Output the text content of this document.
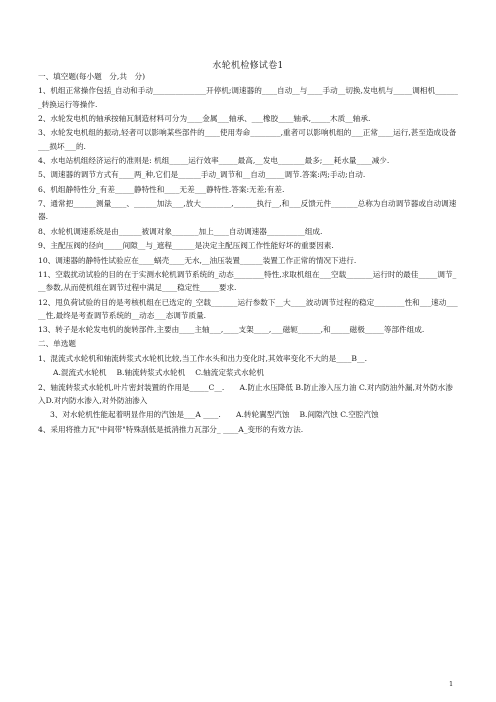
水轮机检修试卷1

一、填空题(每小题　分,共　分)

1、机组正常操作包括_自动和手动______________开停机;调速器的____自动__与____手动__切换,发电机与_____调相机_______转换运行等操作.

2、水轮发电机的轴承按轴瓦制造材料可分为____金属___轴承、___橡胶____轴承,_____木质__轴承.

3、水轮发电机组的振动,轻者可以影响某些部件的____使用寿命________,重者可以影响机组的___正常____运行,甚至造成设备___损坏___的.

4、水电站机组经济运行的准则是: 机组_____运行效率_____最高,__发电_______最多;___耗水量____减少.

5、调速器的调节方式有____两_种,它们是______手动_调节和__自动_____调节.答案:两;手动;自动.

6、机组静特性分_有差_____静特性和____无差___静特性.答案:无差;有差.

7、通常把______测量____、______加法___,放大________,______执行__,和___反馈元件_______总称为自动调节器或自动调速器.

8、水轮机调速系统是由______被调对象_______加上____自动调速器__________组成.

9、主配压阀的径向_____间隙__与_遮程______是决定主配压阀工作性能好坏的重要因素.

10、调速器的静特性试验应在____蜗壳____无水,__油压装置______装置工作正常的情况下进行.

11、空载扰动试验的目的在于实测水轮机调节系统的_动态________特性,求取机组在___空载_______运行时的最佳_____调节___参数,从而使机组在调节过程中满足____稳定性_____要求.

12、甩负荷试验的目的是考核机组在已选定的_空载_______运行参数下__大____波动调节过程的稳定________性和___速动_____性,最终是考查调节系统的__动态___态调节质量.

13、转子是水轮发电机的旋转部件,主要由____主轴___,____支架____,___磁轭______,和_____磁极_____等部件组成.

二、单选题

1、混流式水轮机和轴流转浆式水轮机比较,当工作水头和出力变化时,其效率变化不大的是____B__.

A.混流式水轮机　 B.轴流转浆式水轮机　 C.轴流定浆式水轮机

2、轴流转浆式水轮机,叶片密封装置的作用是_____C__.　　A.防止水压降低 B.防止渗入压力油 C.对内防油外漏,对外防水渗入D.对内防水渗入,对外防油渗入

3、对水轮机性能起着明显作用的汽蚀是___A ____.　　A.转轮翼型汽蚀　 B.间隙汽蚀 C.空腔汽蚀

4、采用将推力瓦"中间带"特殊刮低是抵消推力瓦部分_ ____A_变形的有效方法.

1
